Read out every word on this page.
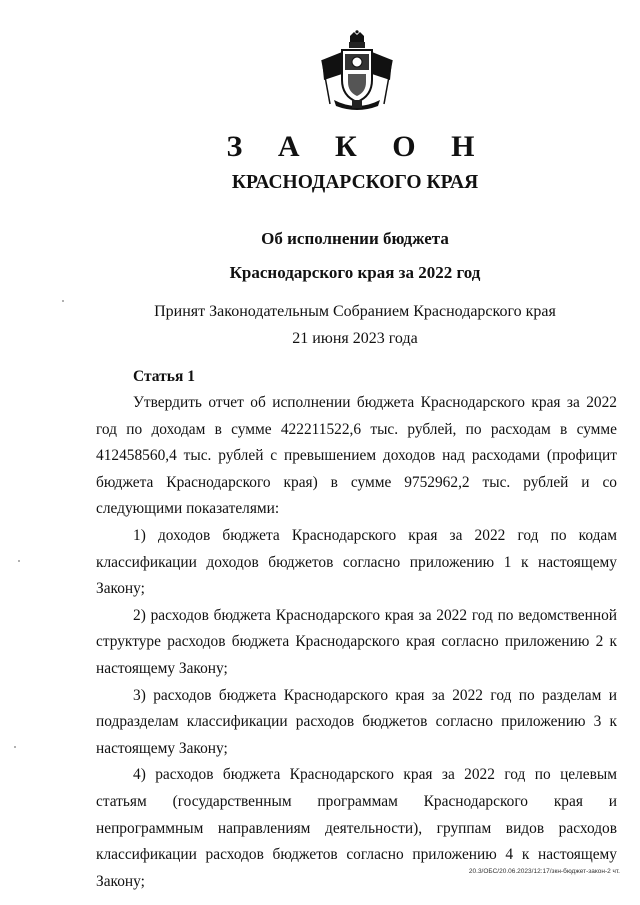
З А К О Н
КРАСНОДАРСКОГО КРАЯ
Об исполнении бюджета
Краснодарского края за 2022 год
Принят Законодательным Собранием Краснодарского края
21 июня 2023 года
Статья 1

Утвердить отчет об исполнении бюджета Краснодарского края за 2022 год по доходам в сумме 422211522,6 тыс. рублей, по расходам в сумме 412458560,4 тыс. рублей с превышением доходов над расходами (профицит бюджета Краснодарского края) в сумме 9752962,2 тыс. рублей и со следующими показателями:

1) доходов бюджета Краснодарского края за 2022 год по кодам классификации доходов бюджетов согласно приложению 1 к настоящему Закону;

2) расходов бюджета Краснодарского края за 2022 год по ведомственной структуре расходов бюджета Краснодарского края согласно приложению 2 к настоящему Закону;

3) расходов бюджета Краснодарского края за 2022 год по разделам и подразделам классификации расходов бюджетов согласно приложению 3 к настоящему Закону;

4) расходов бюджета Краснодарского края за 2022 год по целевым статьям (государственным программам Краснодарского края и непрограммным направлениям деятельности), группам видов расходов классификации расходов бюджетов согласно приложению 4 к настоящему Закону;

20.3/ОБС/20.06.2023/12:17/зкн-бюджет-закон-2 чт.
